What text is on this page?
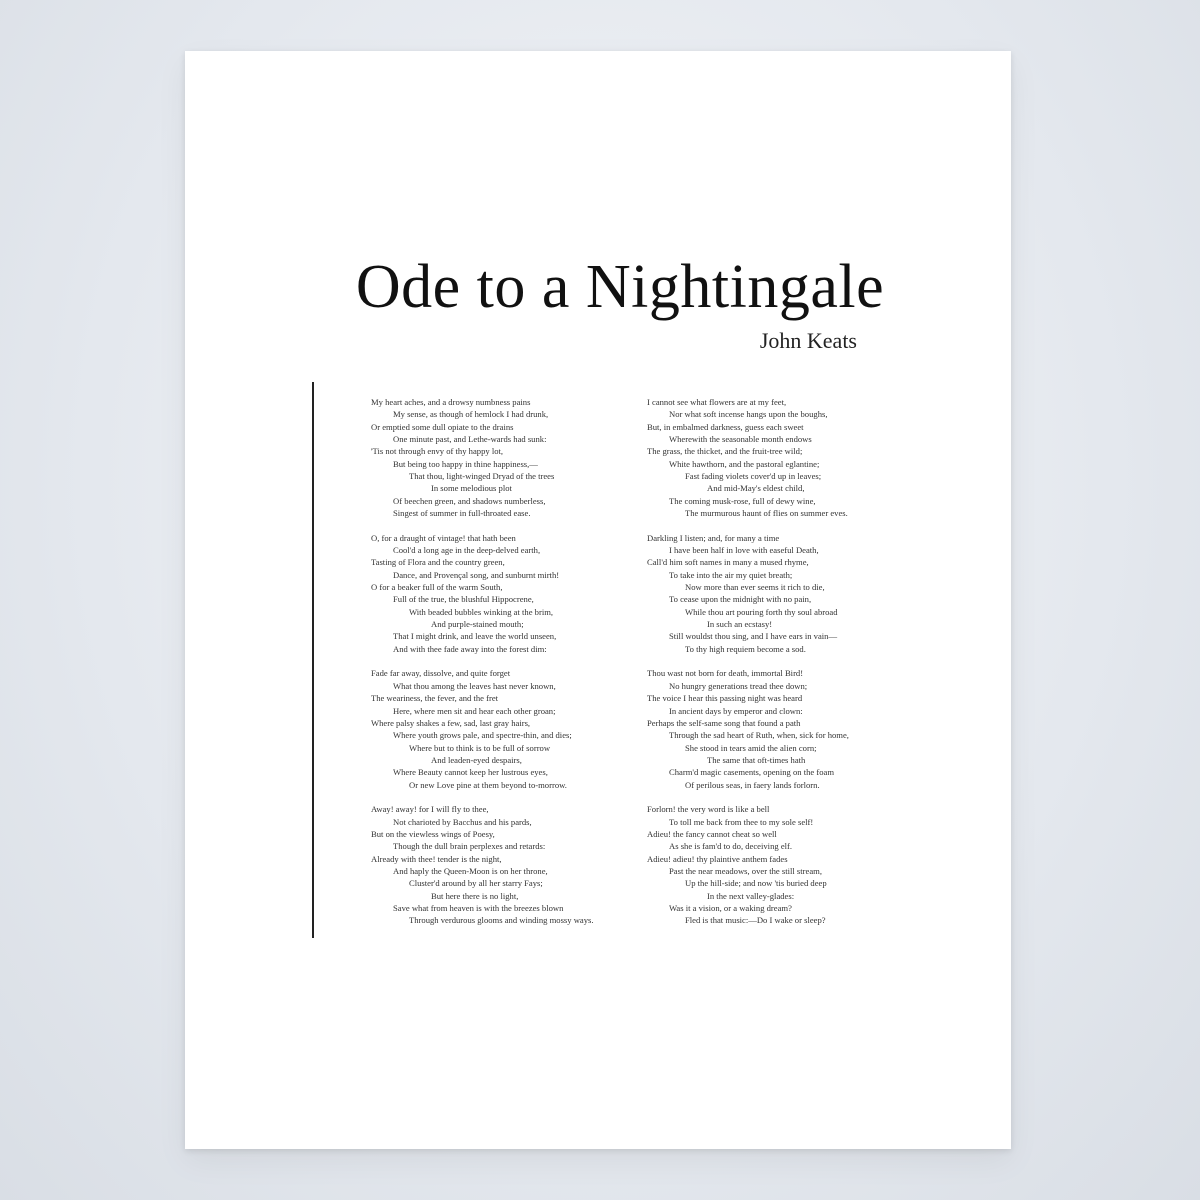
Ode to a Nightingale
John Keats
My heart aches, and a drowsy numbness pains
My sense, as though of hemlock I had drunk,
Or emptied some dull opiate to the drains
One minute past, and Lethe-wards had sunk:
'Tis not through envy of thy happy lot,
But being too happy in thine happiness,—
That thou, light-winged Dryad of the trees
In some melodious plot
Of beechen green, and shadows numberless,
Singest of summer in full-throated ease.
O, for a draught of vintage! that hath been
Cool'd a long age in the deep-delved earth,
Tasting of Flora and the country green,
Dance, and Provençal song, and sunburnt mirth!
O for a beaker full of the warm South,
Full of the true, the blushful Hippocrene,
With beaded bubbles winking at the brim,
And purple-stained mouth;
That I might drink, and leave the world unseen,
And with thee fade away into the forest dim:
Fade far away, dissolve, and quite forget
What thou among the leaves hast never known,
The weariness, the fever, and the fret
Here, where men sit and hear each other groan;
Where palsy shakes a few, sad, last gray hairs,
Where youth grows pale, and spectre-thin, and dies;
Where but to think is to be full of sorrow
And leaden-eyed despairs,
Where Beauty cannot keep her lustrous eyes,
Or new Love pine at them beyond to-morrow.
Away! away! for I will fly to thee,
Not charioted by Bacchus and his pards,
But on the viewless wings of Poesy,
Though the dull brain perplexes and retards:
Already with thee! tender is the night,
And haply the Queen-Moon is on her throne,
Cluster'd around by all her starry Fays;
But here there is no light,
Save what from heaven is with the breezes blown
Through verdurous glooms and winding mossy ways.
I cannot see what flowers are at my feet,
Nor what soft incense hangs upon the boughs,
But, in embalmed darkness, guess each sweet
Wherewith the seasonable month endows
The grass, the thicket, and the fruit-tree wild;
White hawthorn, and the pastoral eglantine;
Fast fading violets cover'd up in leaves;
And mid-May's eldest child,
The coming musk-rose, full of dewy wine,
The murmurous haunt of flies on summer eves.
Darkling I listen; and, for many a time
I have been half in love with easeful Death,
Call'd him soft names in many a mused rhyme,
To take into the air my quiet breath;
Now more than ever seems it rich to die,
To cease upon the midnight with no pain,
While thou art pouring forth thy soul abroad
In such an ecstasy!
Still wouldst thou sing, and I have ears in vain—
To thy high requiem become a sod.
Thou wast not born for death, immortal Bird!
No hungry generations tread thee down;
The voice I hear this passing night was heard
In ancient days by emperor and clown:
Perhaps the self-same song that found a path
Through the sad heart of Ruth, when, sick for home,
She stood in tears amid the alien corn;
The same that oft-times hath
Charm'd magic casements, opening on the foam
Of perilous seas, in faery lands forlorn.
Forlorn! the very word is like a bell
To toll me back from thee to my sole self!
Adieu! the fancy cannot cheat so well
As she is fam'd to do, deceiving elf.
Adieu! adieu! thy plaintive anthem fades
Past the near meadows, over the still stream,
Up the hill-side; and now 'tis buried deep
In the next valley-glades:
Was it a vision, or a waking dream?
Fled is that music:—Do I wake or sleep?
